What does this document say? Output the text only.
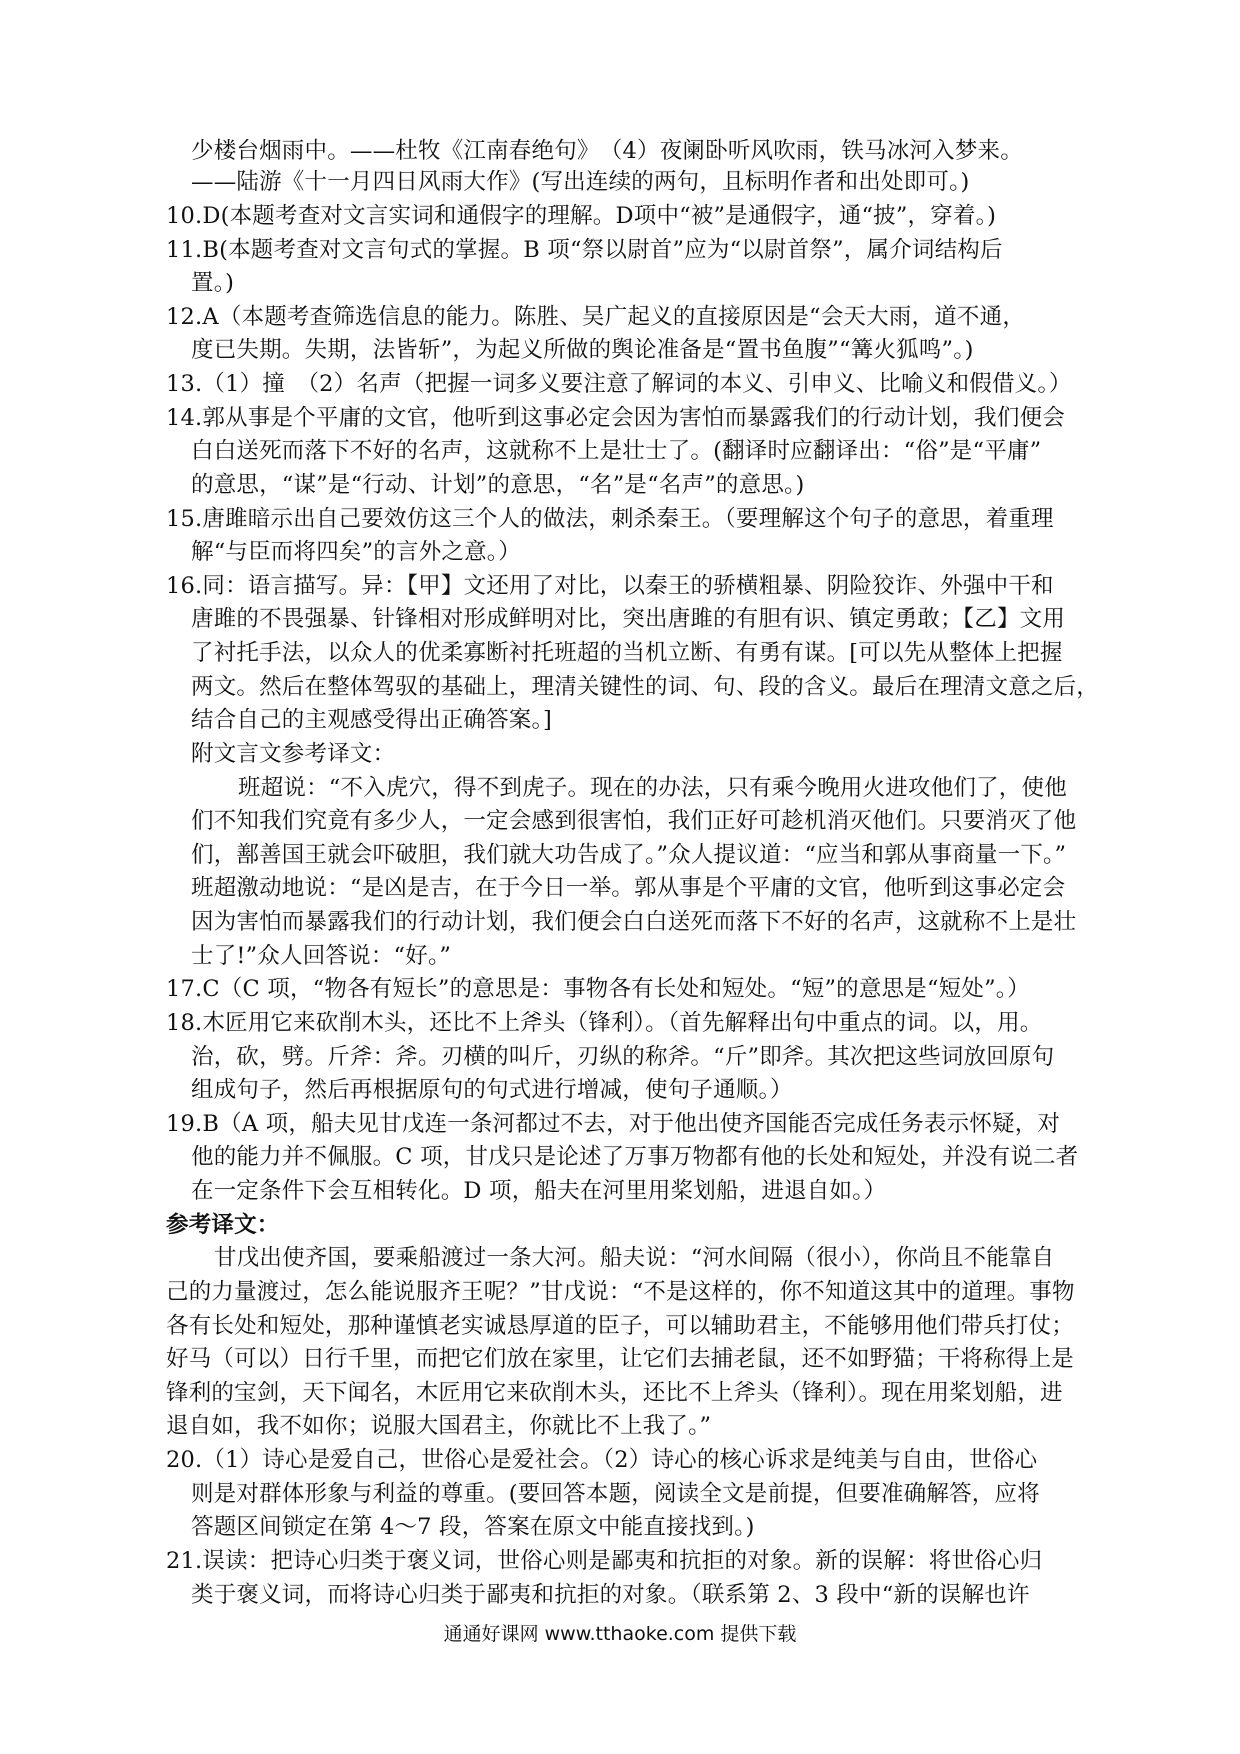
少楼台烟雨中。——杜牧《江南春绝句》　（4）夜阑卧听风吹雨，铁马冰河入梦来。
——陆游《十一月四日风雨大作》(写出连续的两句，且标明作者和出处即可。)
10.D(本题考查对文言实词和通假字的理解。D项中“被”是通假字，通“披”，穿着。)
11.B(本题考查对文言句式的掌握。B 项“祭以尉首”应为“以尉首祭”，属介词结构后
置。)
12.A（本题考查筛选信息的能力。陈胜、吴广起义的直接原因是“会天大雨，道不通，
度已失期。失期，法皆斩”，为起义所做的舆论准备是“置书鱼腹”“篝火狐鸣”。)
13.（1）撞　（2）名声（把握一词多义要注意了解词的本义、引申义、比喻义和假借义。）
14.郭从事是个平庸的文官，他听到这事必定会因为害怕而暴露我们的行动计划，我们便会
白白送死而落下不好的名声，这就称不上是壮士了。(翻译时应翻译出：“俗”是“平庸”
的意思，“谋”是“行动、计划”的意思，“名”是“名声”的意思。)
15.唐雎暗示出自己要效仿这三个人的做法，刺杀秦王。（要理解这个句子的意思，着重理
解“与臣而将四矣”的言外之意。）
16.同：语言描写。异：【甲】文还用了对比，以秦王的骄横粗暴、阴险狡诈、外强中干和
唐雎的不畏强暴、针锋相对形成鲜明对比，突出唐雎的有胆有识、镇定勇敢；【乙】文用
了衬托手法，以众人的优柔寡断衬托班超的当机立断、有勇有谋。[可以先从整体上把握
两文。然后在整体驾驭的基础上，理清关键性的词、句、段的含义。最后在理清文意之后，
结合自己的主观感受得出正确答案。]
附文言文参考译文：
班超说：“不入虎穴，得不到虎子。现在的办法，只有乘今晚用火进攻他们了，使他
们不知我们究竟有多少人，一定会感到很害怕，我们正好可趁机消灭他们。只要消灭了他
们，鄯善国王就会吓破胆，我们就大功告成了。”众人提议道：“应当和郭从事商量一下。”
班超激动地说：“是凶是吉，在于今日一举。郭从事是个平庸的文官，他听到这事必定会
因为害怕而暴露我们的行动计划，我们便会白白送死而落下不好的名声，这就称不上是壮
士了!”众人回答说：“好。”
17.C（C 项，“物各有短长”的意思是：事物各有长处和短处。“短”的意思是“短处”。）
18.木匠用它来砍削木头，还比不上斧头（锋利）。（首先解释出句中重点的词。以，用。
治，砍，劈。斤斧：斧。刃横的叫斤，刃纵的称斧。“斤”即斧。其次把这些词放回原句
组成句子，然后再根据原句的句式进行增减，使句子通顺。）
19.B（A 项，船夫见甘戊连一条河都过不去，对于他出使齐国能否完成任务表示怀疑，对
他的能力并不佩服。C 项，甘戊只是论述了万事万物都有他的长处和短处，并没有说二者
在一定条件下会互相转化。D 项，船夫在河里用桨划船，进退自如。）
参考译文：
甘戊出使齐国，要乘船渡过一条大河。船夫说：“河水间隔（很小），你尚且不能靠自
己的力量渡过，怎么能说服齐王呢？”甘戊说：“不是这样的，你不知道这其中的道理。事物
各有长处和短处，那种谨慎老实诚恳厚道的臣子，可以辅助君主，不能够用他们带兵打仗；
好马（可以）日行千里，而把它们放在家里，让它们去捕老鼠，还不如野猫；干将称得上是
锋利的宝剑，天下闻名，木匠用它来砍削木头，还比不上斧头（锋利）。现在用桨划船，进
退自如，我不如你；说服大国君主，你就比不上我了。”
20.（1）诗心是爱自己，世俗心是爱社会。（2）诗心的核心诉求是纯美与自由，世俗心
则是对群体形象与利益的尊重。(要回答本题，阅读全文是前提，但要准确解答，应将
答题区间锁定在第 4～7 段，答案在原文中能直接找到。)
21.误读：把诗心归类于褒义词，世俗心则是鄙夷和抗拒的对象。新的误解：将世俗心归
类于褒义词，而将诗心归类于鄙夷和抗拒的对象。（联系第 2、3 段中“新的误解也许
通通好课网 www.tthaoke.com 提供下载
